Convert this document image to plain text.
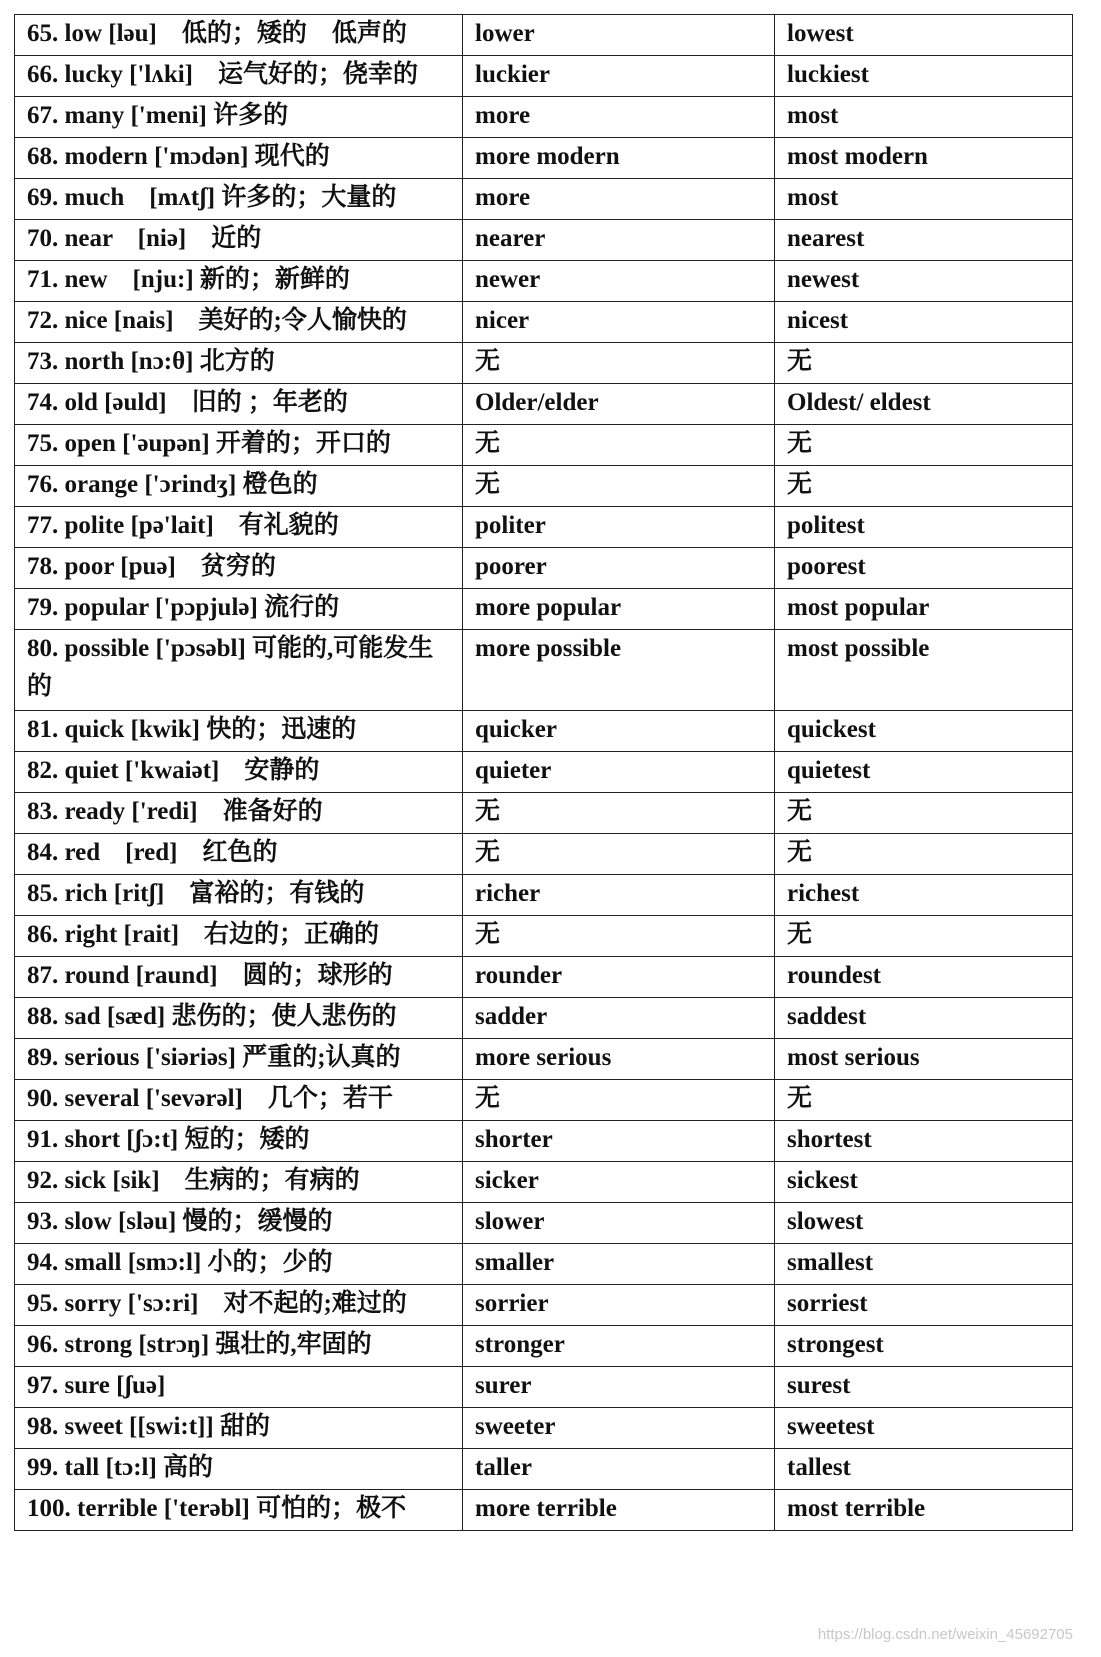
65. low [ləu]　低的；矮的　低声的	lower	lowest
66. lucky ['lʌki]　运气好的；侥幸的	luckier	luckiest
67. many ['meni] 许多的	more	most
68. modern ['mɔdən] 现代的	more modern	most modern
69. much　[mʌtʃ] 许多的；大量的	more	most
70. near　[niə]　近的	nearer	nearest
71. new　[nju:] 新的；新鲜的	newer	newest
72. nice [nais]　美好的;令人愉快的	nicer	nicest
73. north [nɔ:θ] 北方的	无	无
74. old [əuld]　旧的 ；年老的	Older/elder	Oldest/ eldest
75. open ['əupən] 开着的；开口的	无	无
76. orange ['ɔrindʒ] 橙色的	无	无
77. polite [pə'lait]　有礼貌的	politer	politest
78. poor [puə]　贫穷的	poorer	poorest
79. popular ['pɔpjulə] 流行的	more popular	most popular
80. possible ['pɔsəbl] 可能的,可能发生的	more possible	most possible
81. quick [kwik] 快的；迅速的	quicker	quickest
82. quiet ['kwaiət]　安静的	quieter	quietest
83. ready ['redi]　准备好的	无	无
84. red　[red]　红色的	无	无
85. rich [ritʃ]　富裕的；有钱的	richer	richest
86. right [rait]　右边的；正确的	无	无
87. round [raund]　圆的；球形的	rounder	roundest
88. sad [sæd] 悲伤的；使人悲伤的	sadder	saddest
89. serious ['siəriəs] 严重的;认真的	more serious	most serious
90. several ['sevərəl]　几个；若干	无	无
91. short [ʃɔ:t] 短的；矮的	shorter	shortest
92. sick [sik]　生病的；有病的	sicker	sickest
93. slow [sləu] 慢的；缓慢的	slower	slowest
94. small [smɔ:l] 小的；少的	smaller	smallest
95. sorry ['sɔ:ri]　对不起的;难过的	sorrier	sorriest
96. strong [strɔŋ] 强壮的,牢固的	stronger	strongest
97. sure [ʃuə]	surer	surest
98. sweet [[swi:t]] 甜的	sweeter	sweetest
99. tall [tɔ:l] 高的	taller	tallest
100. terrible ['terəbl] 可怕的；极不	more terrible	most terrible
https://blog.csdn.net/weixin_45692705
